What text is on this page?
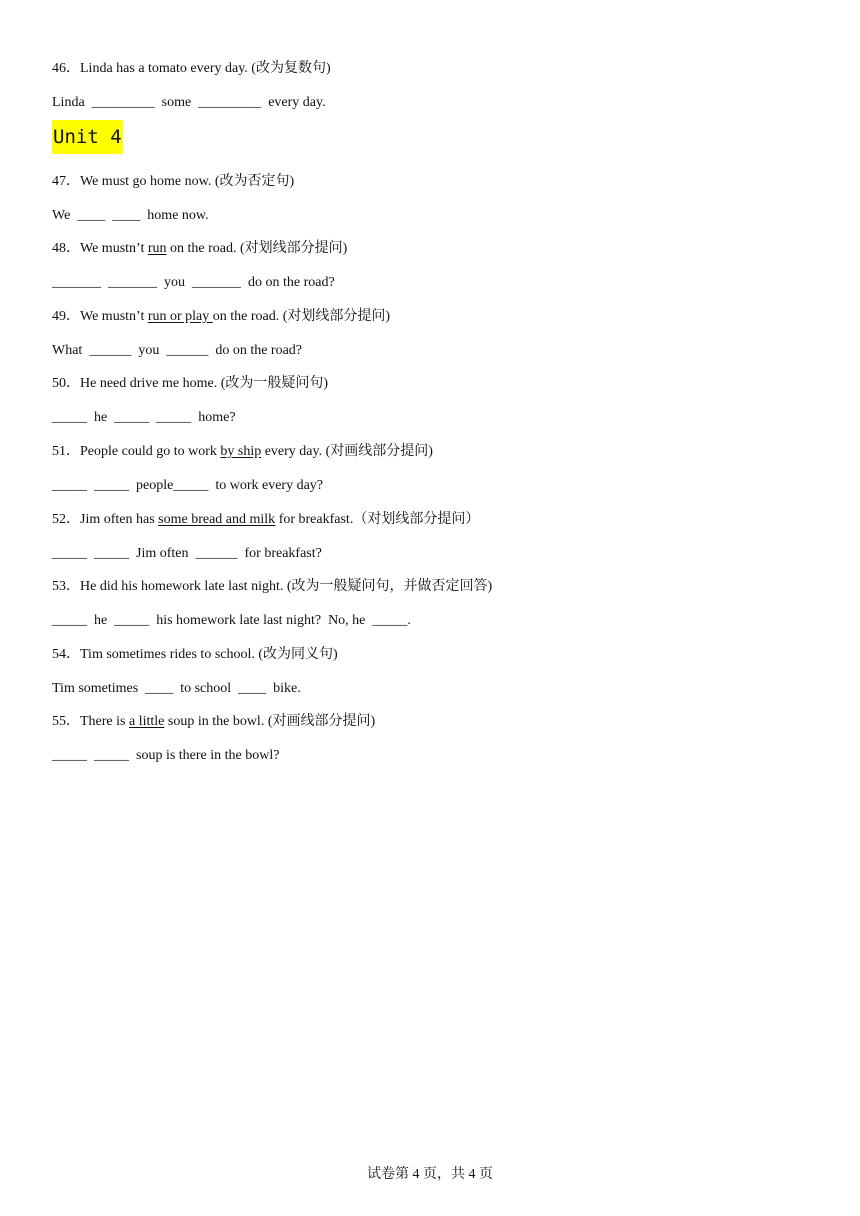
46．Linda has a tomato every day. (改为复数句)
Linda  _________  some  _________  every day.
Unit 4
47．We must go home now. (改为否定句)
We  ____  ____  home now.
48．We mustn’t run on the road. (对划线部分提问)
_______  _______  you  _______  do on the road?
49．We mustn’t run or play on the road. (对划线部分提问)
What  ______  you  ______  do on the road?
50．He need drive me home. (改为一般疑问句)
_____  he  _____  _____  home?
51．People could go to work by ship every day. (对画线部分提问)
_____  _____  people_____  to work every day?
52．Jim often has some bread and milk for breakfast.（对划线部分提问）
_____  _____  Jim often  ______  for breakfast?
53．He did his homework late last night. (改为一般疑问句，并做否定回答)
_____  he  _____  his homework late last night?  No, he  _____.
54．Tim sometimes rides to school. (改为同义句)
Tim sometimes  ____  to school  ____  bike.
55．There is a little soup in the bowl. (对画线部分提问)
_____  _____  soup is there in the bowl?
试卷第 4 页，共 4 页
